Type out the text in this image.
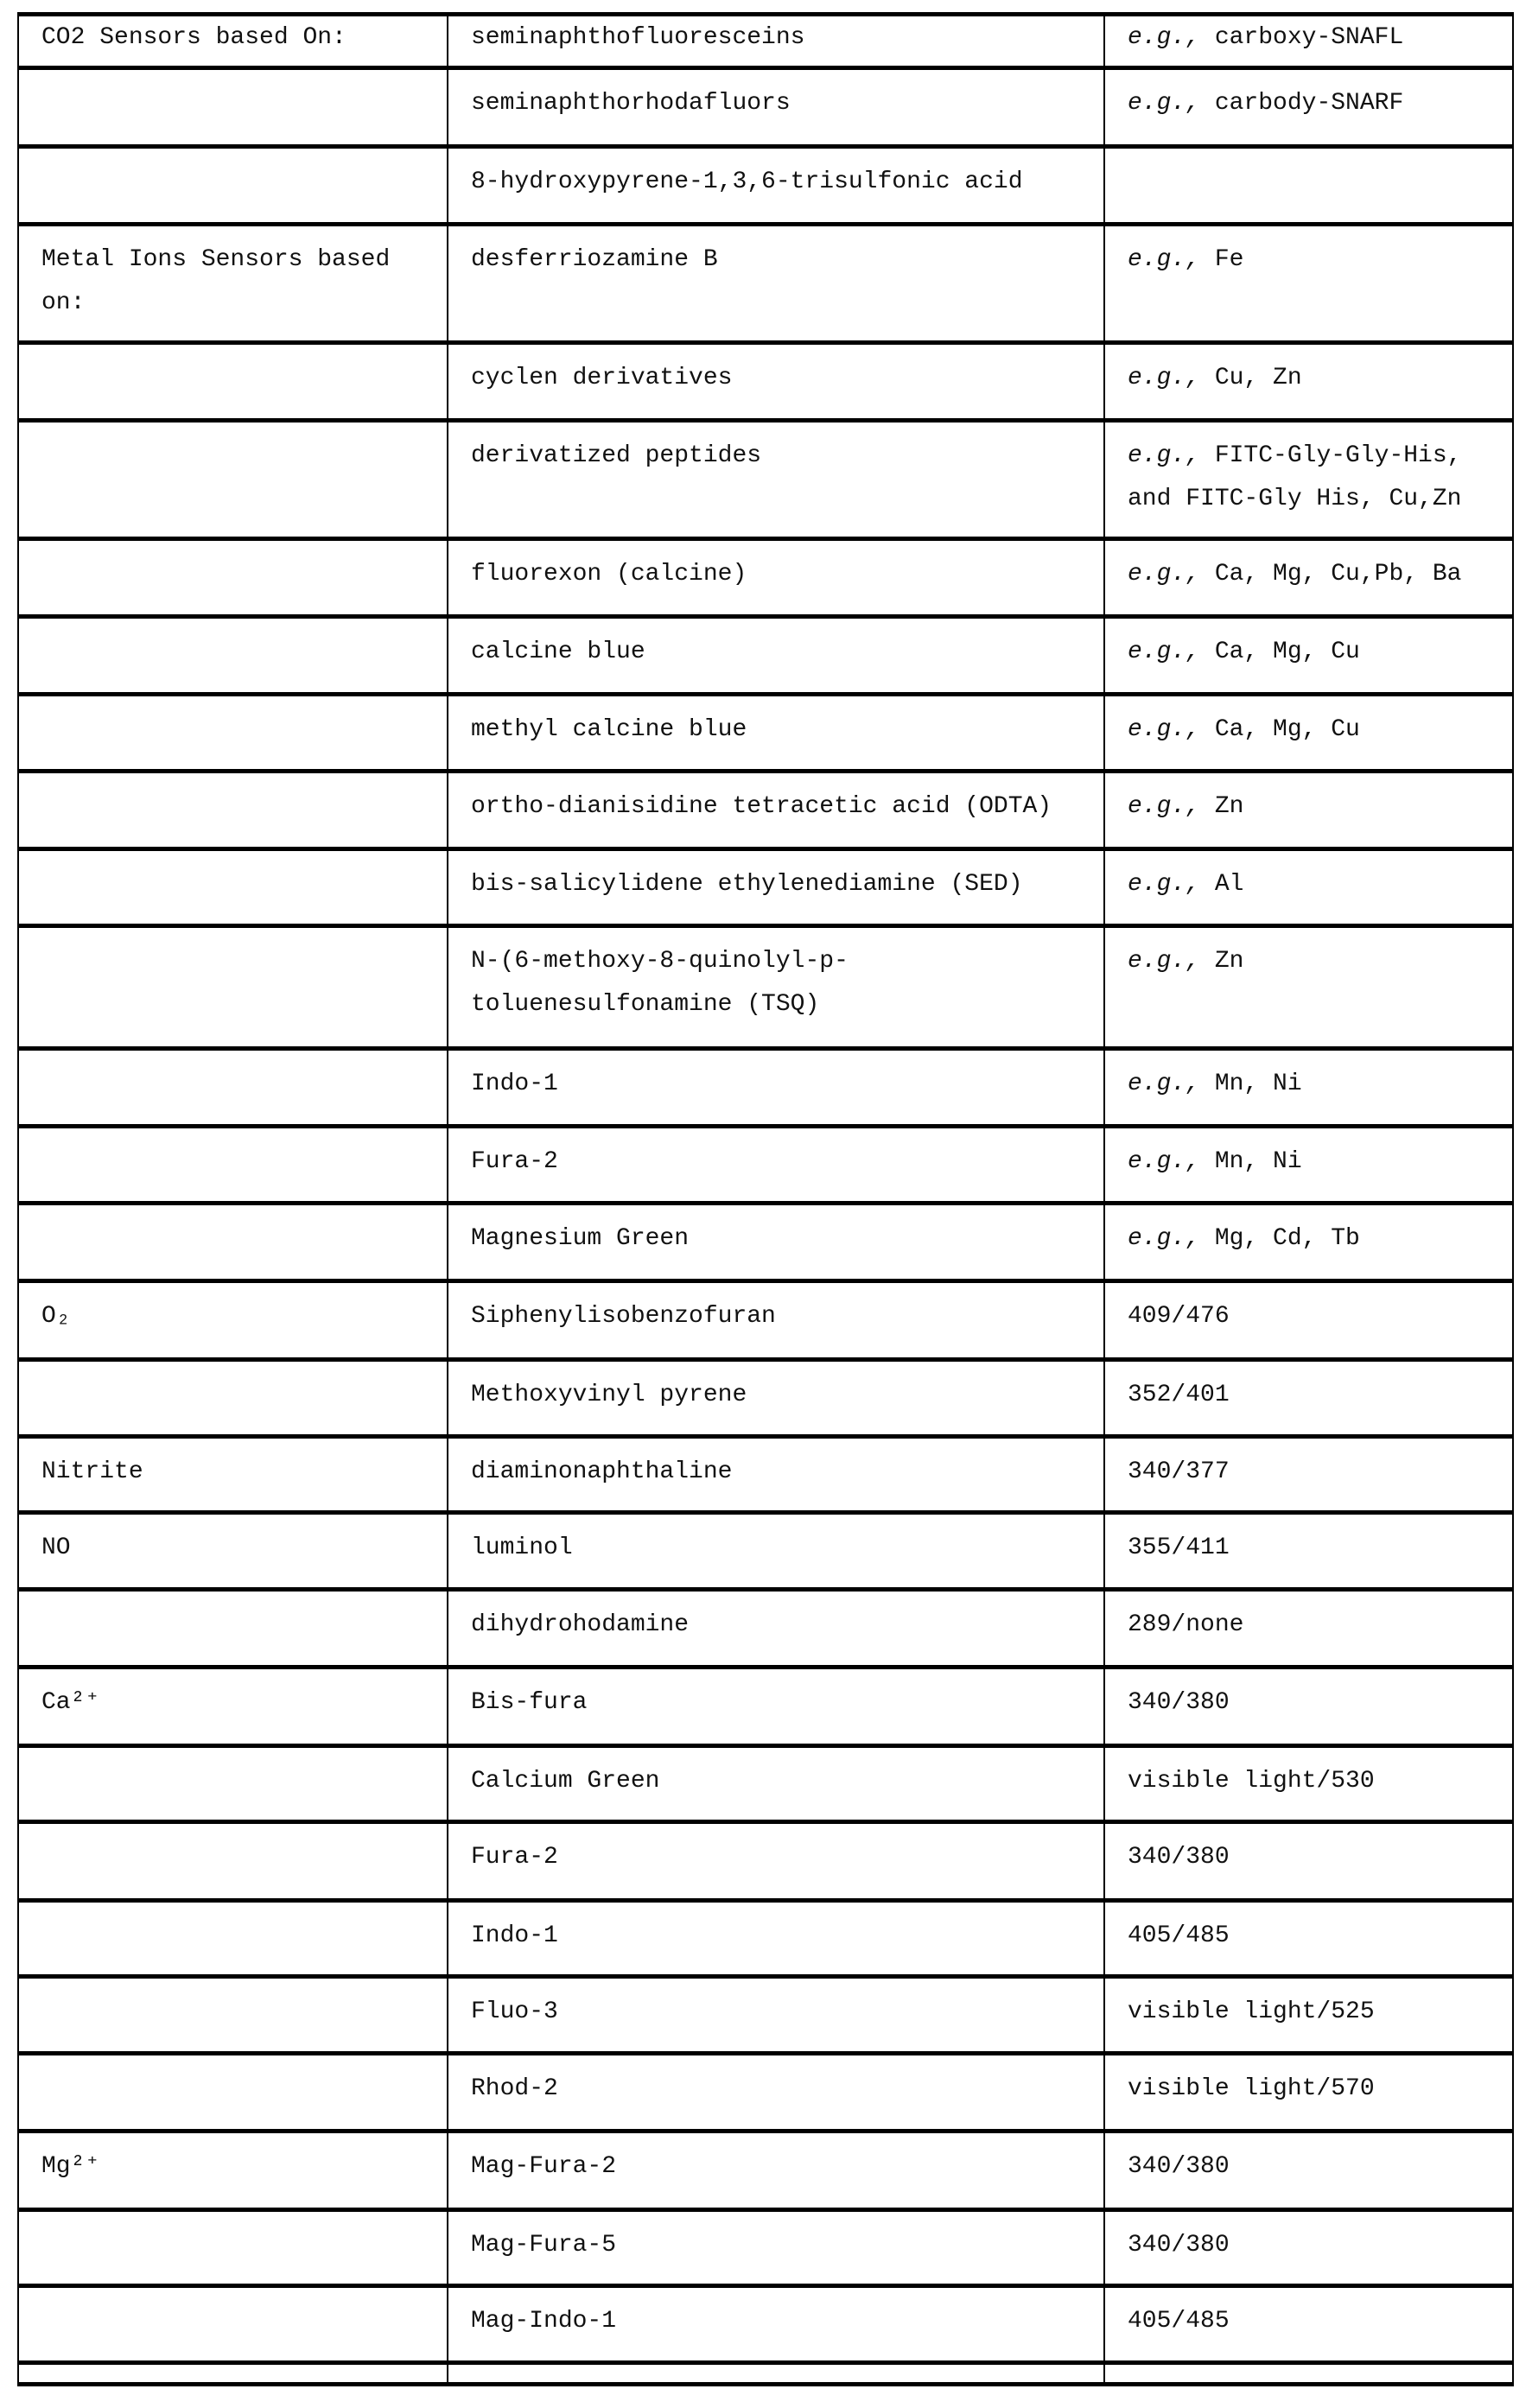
CO2 Sensors based On:	seminaphthofluoresceins	e.g., carboxy-SNAFL
seminaphthorhodafluors	e.g., carbody-SNARF
8-hydroxypyrene-1,3,6-trisulfonic acid
Metal Ions Sensors based on:
desferriozamine B	e.g., Fe
cyclen derivatives	e.g., Cu, Zn
derivatized peptides	e.g., FITC-Gly-Gly-His, and FITC-Gly His, Cu,Zn
fluorexon (calcine)	e.g., Ca, Mg, Cu,Pb, Ba
calcine blue	e.g., Ca, Mg, Cu
methyl calcine blue	e.g., Ca, Mg, Cu
ortho-dianisidine tetracetic acid (ODTA)	e.g., Zn
bis-salicylidene ethylenediamine (SED)	e.g., Al
N-(6-methoxy-8-quinolyl-p-toluenesulfonamine (TSQ)
e.g., Zn
Indo-1	e.g., Mn, Ni
Fura-2	e.g., Mn, Ni
Magnesium Green	e.g., Mg, Cd, Tb
O₂	Siphenylisobenzofuran	409/476
Methoxyvinyl pyrene	352/401
Nitrite	diaminonaphthaline	340/377
NO	luminol	355/411
dihydrohodamine	289/none
Ca²⁺	Bis-fura	340/380
Calcium Green	visible light/530
Fura-2	340/380
Indo-1	405/485
Fluo-3	visible light/525
Rhod-2	visible light/570
Mg²⁺	Mag-Fura-2	340/380
Mag-Fura-5	340/380
Mag-Indo-1	405/485
